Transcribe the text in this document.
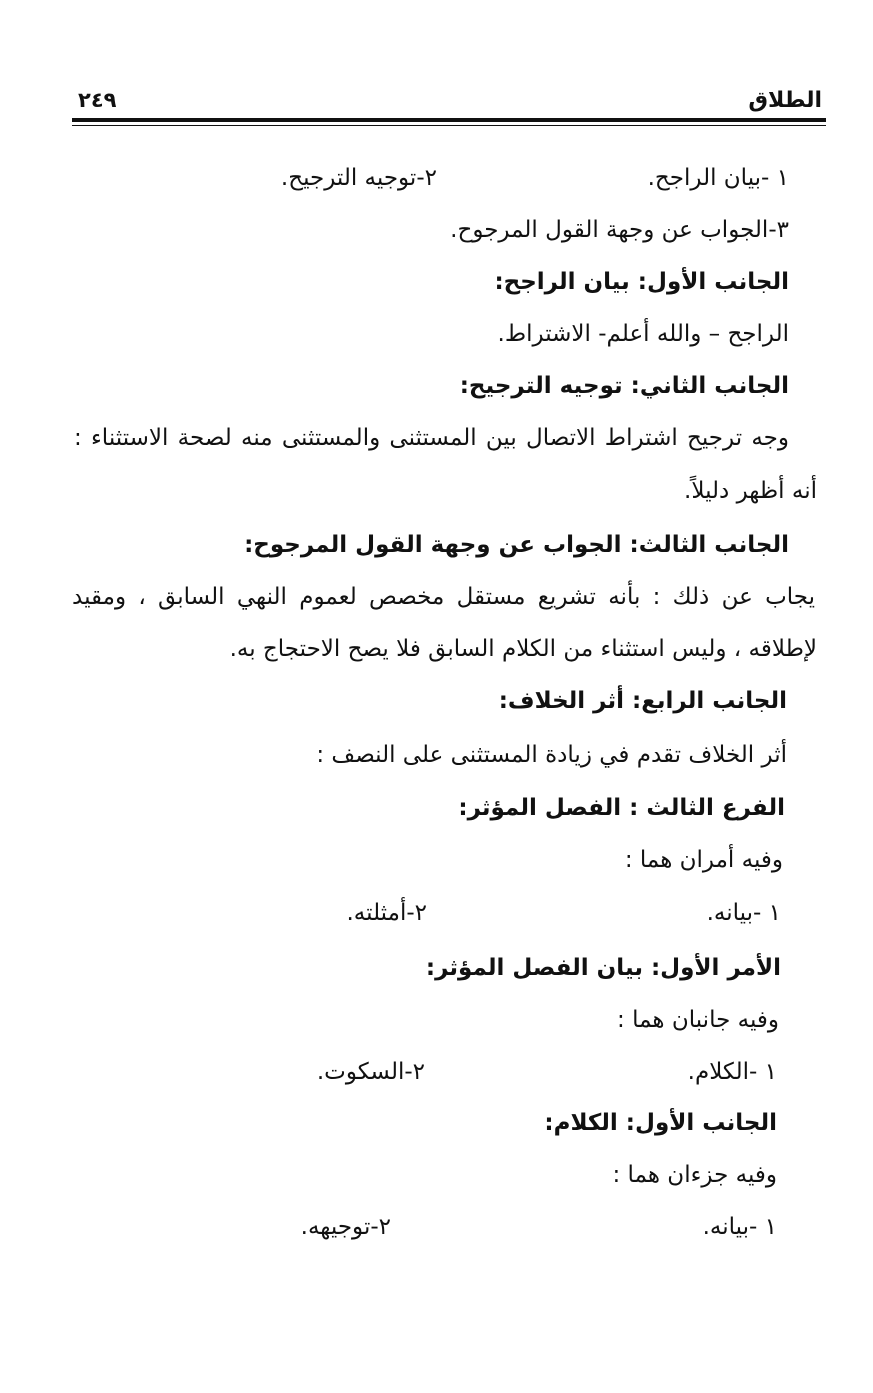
الطلاق
٢٤٩
١ -بيان الراجح.
٢-توجيه الترجيح.
٣-الجواب عن وجهة القول المرجوح.
الجانب الأول: بيان الراجح:
الراجح – والله أعلم- الاشتراط.
الجانب الثاني: توجيه الترجيح:
وجه ترجيح اشتراط الاتصال بين المستثنى والمستثنى منه لصحة الاستثناء :
أنه أظهر دليلاً.
الجانب الثالث: الجواب عن وجهة القول المرجوح:
يجاب عن ذلك : بأنه تشريع مستقل مخصص لعموم النهي السابق ، ومقيد
لإطلاقه ، وليس استثناء من الكلام السابق فلا يصح الاحتجاج به.
الجانب الرابع: أثر الخلاف:
أثر الخلاف تقدم في زيادة المستثنى على النصف :
الفرع الثالث : الفصل المؤثر:
وفيه أمران هما :
١ -بيانه.
٢-أمثلته.
الأمر الأول: بيان الفصل المؤثر:
وفيه جانبان هما :
١ -الكلام.
٢-السكوت.
الجانب الأول: الكلام:
وفيه جزءان هما :
١ -بيانه.
٢-توجيهه.
